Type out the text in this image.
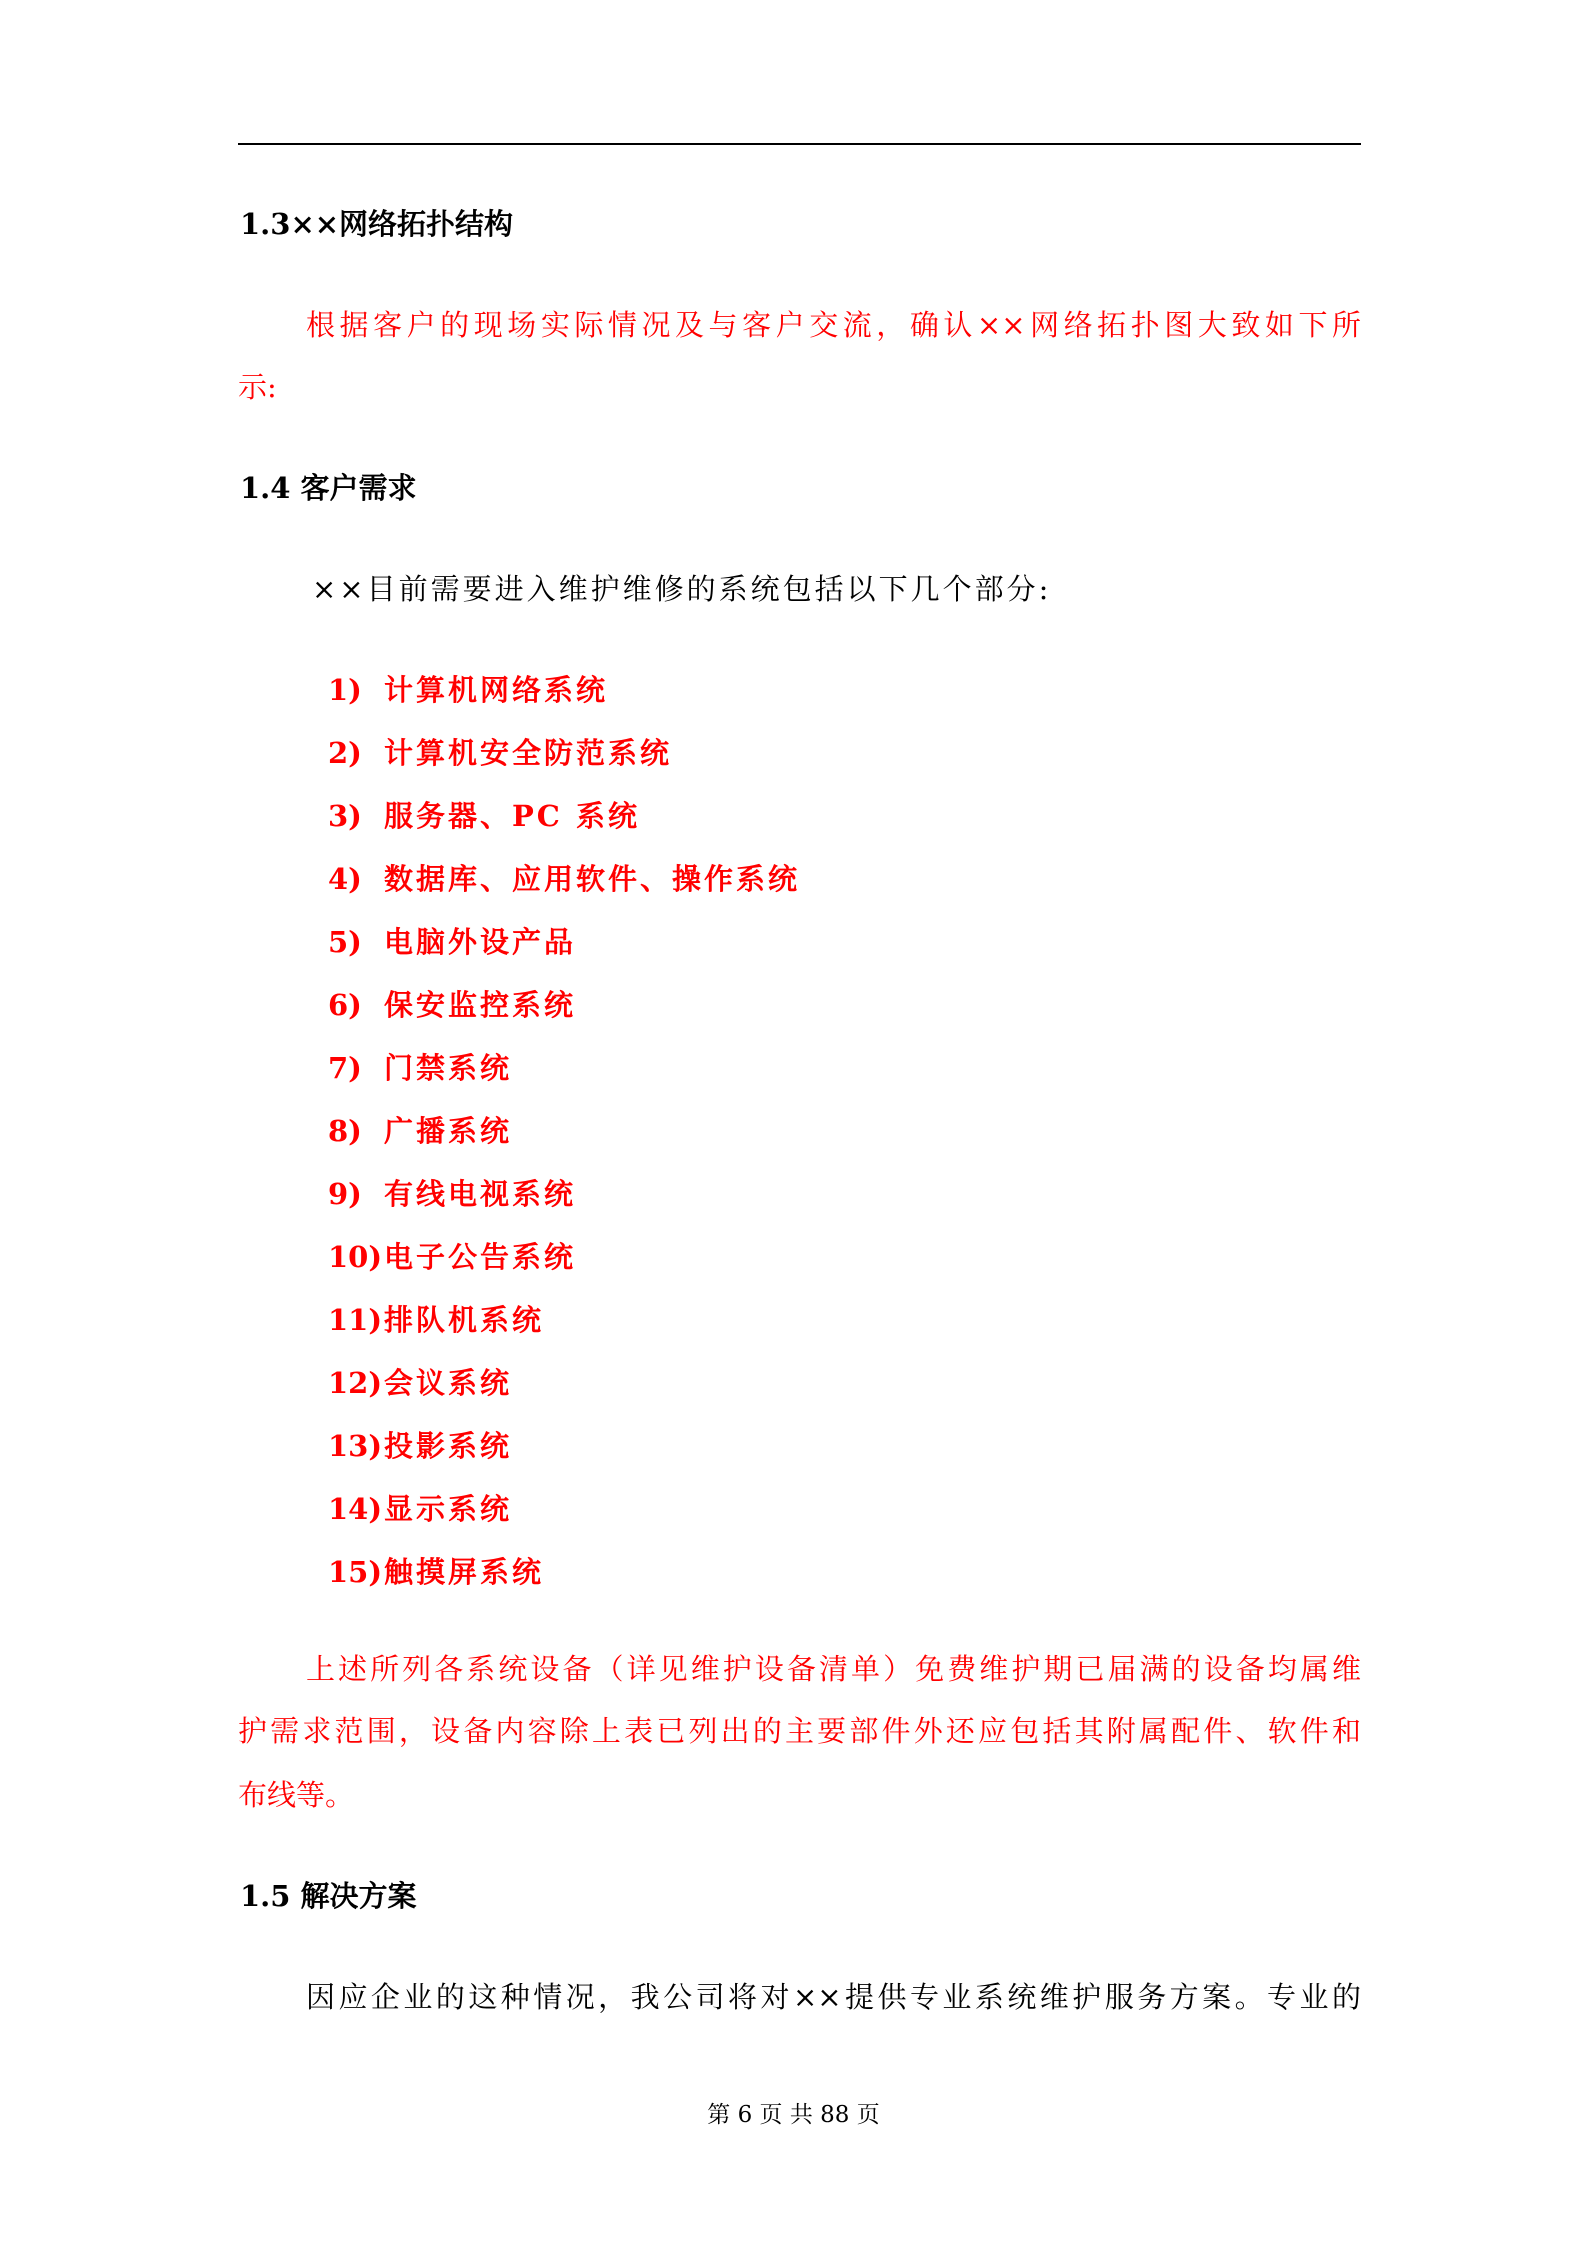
1.3××网络拓扑结构
根据客户的现场实际情况及与客户交流，确认××网络拓扑图大致如下所
示:
1.4 客户需求
××目前需要进入维护维修的系统包括以下几个部分:
1) 计算机网络系统
2) 计算机安全防范系统
3) 服务器、PC 系统
4) 数据库、应用软件、操作系统
5) 电脑外设产品
6) 保安监控系统
7) 门禁系统
8) 广播系统
9) 有线电视系统
10)电子公告系统
11)排队机系统
12)会议系统
13)投影系统
14)显示系统
15)触摸屏系统
上述所列各系统设备（详见维护设备清单）免费维护期已届满的设备均属维
护需求范围，设备内容除上表已列出的主要部件外还应包括其附属配件、软件和
布线等。
1.5 解决方案
因应企业的这种情况，我公司将对××提供专业系统维护服务方案。专业的
第 6 页 共 88 页
